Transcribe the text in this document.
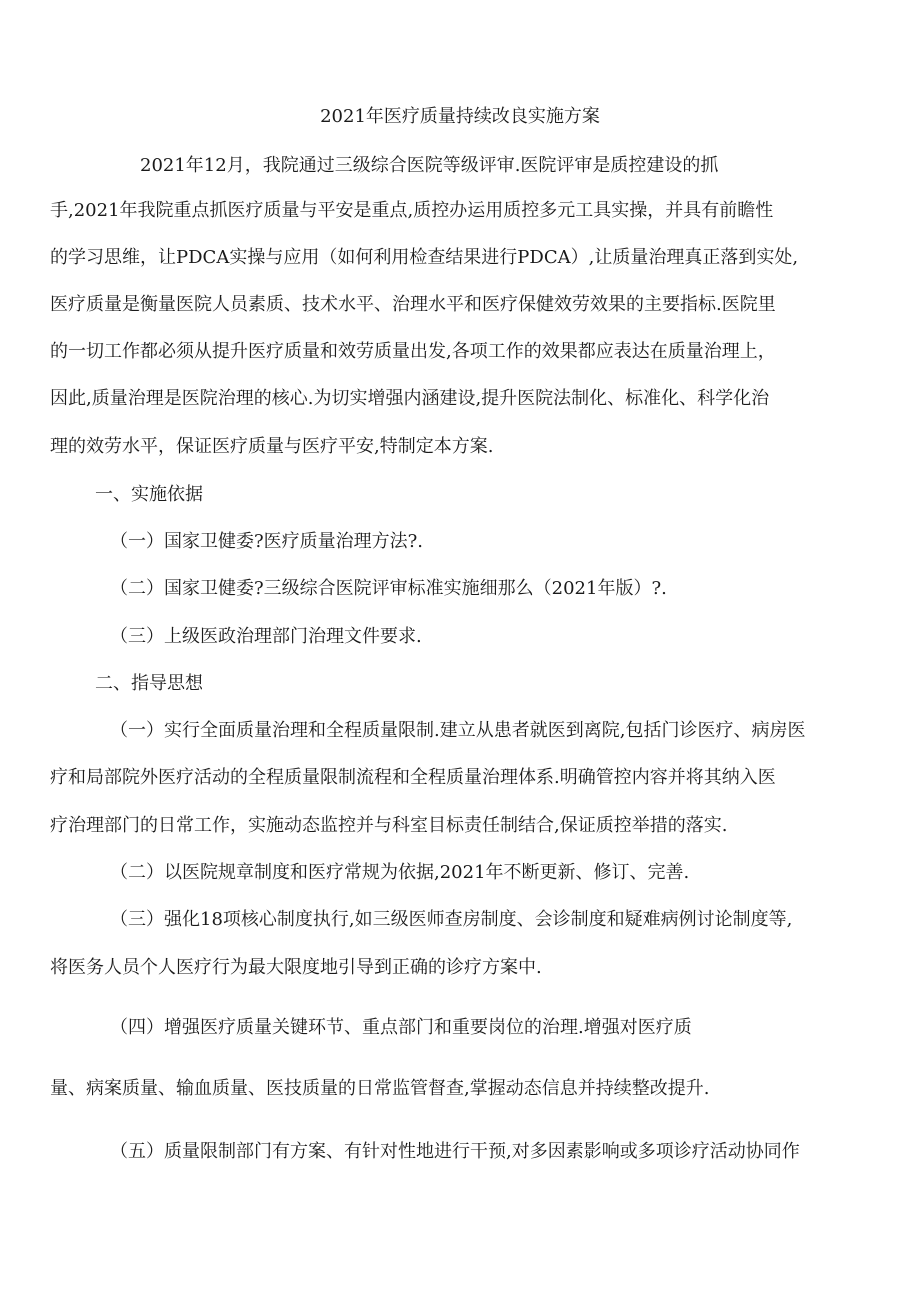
2021年医疗质量持续改良实施方案

2021年12月，我院通过三级综合医院等级评审.医院评审是质控建设的抓

手,2021年我院重点抓医疗质量与平安是重点,质控办运用质控多元工具实操，并具有前瞻性

的学习思维，让PDCA实操与应用（如何利用检查结果进行PDCA）,让质量治理真正落到实处,

医疗质量是衡量医院人员素质、技术水平、治理水平和医疗保健效劳效果的主要指标.医院里

的一切工作都必须从提升医疗质量和效劳质量出发,各项工作的效果都应表达在质量治理上，

因此,质量治理是医院治理的核心.为切实增强内涵建设,提升医院法制化、标准化、科学化治

理的效劳水平，保证医疗质量与医疗平安,特制定本方案.

一、实施依据

（一）国家卫健委?医疗质量治理方法?.

（二）国家卫健委?三级综合医院评审标准实施细那么（2021年版）?.

（三）上级医政治理部门治理文件要求.

二、指导思想

（一）实行全面质量治理和全程质量限制.建立从患者就医到离院,包括门诊医疗、病房医

疗和局部院外医疗活动的全程质量限制流程和全程质量治理体系.明确管控内容并将其纳入医

疗治理部门的日常工作，实施动态监控并与科室目标责任制结合,保证质控举措的落实.

（二）以医院规章制度和医疗常规为依据,2021年不断更新、修订、完善.

（三）强化18项核心制度执行,如三级医师查房制度、会诊制度和疑难病例讨论制度等,

将医务人员个人医疗行为最大限度地引导到正确的诊疗方案中.

（四）增强医疗质量关键环节、重点部门和重要岗位的治理.增强对医疗质

量、病案质量、输血质量、医技质量的日常监管督查,掌握动态信息并持续整改提升.

（五）质量限制部门有方案、有针对性地进行干预,对多因素影响或多项诊疗活动协同作
